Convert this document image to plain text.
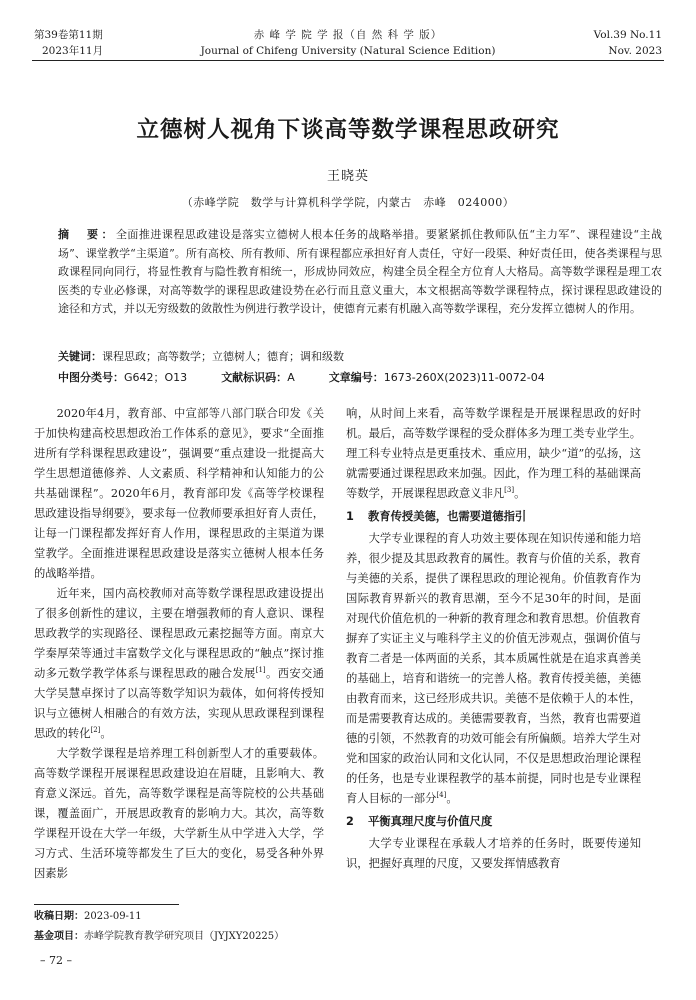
第39卷第11期
2023年11月
赤 峰 学 院 学 报（自 然 科 学 版）
Journal of Chifeng University (Natural Science Edition)
Vol.39 No.11
Nov. 2023
立德树人视角下谈高等数学课程思政研究
王晓英
（赤峰学院　数学与计算机科学学院，内蒙古　赤峰　024000）
摘　要：全面推进课程思政建设是落实立德树人根本任务的战略举措。要紧紧抓住教师队伍“主力军”、课程建设“主战场”、课堂教学“主渠道”。所有高校、所有教师、所有课程都应承担好育人责任，守好一段渠、种好责任田，使各类课程与思政课程同向同行，将显性教育与隐性教育相统一，形成协同效应，构建全员全程全方位育人大格局。高等数学课程是理工农医类的专业必修课，对高等数学的课程思政建设势在必行而且意义重大，本文根据高等数学课程特点，探讨课程思政建设的途径和方式，并以无穷级数的敛散性为例进行教学设计，使德育元素有机融入高等数学课程，充分发挥立德树人的作用。
关键词：课程思政；高等数学；立德树人；德育；调和级数
中图分类号：G642；O13	文献标识码：A	文章编号：1673-260X(2023)11-0072-04

2020年4月，教育部、中宣部等八部门联合印发《关于加快构建高校思想政治工作体系的意见》，要求“全面推进所有学科课程思政建设”，强调要“重点建设一批提高大学生思想道德修养、人文素质、科学精神和认知能力的公共基础课程”。2020年6月，教育部印发《高等学校课程思政建设指导纲要》，要求每一位教师要承担好育人责任，让每一门课程都发挥好育人作用，课程思政的主渠道为课堂教学。全面推进课程思政建设是落实立德树人根本任务的战略举措。

近年来，国内高校教师对高等数学课程思政建设提出了很多创新性的建议，主要在增强教师的育人意识、课程思政教学的实现路径、课程思政元素挖掘等方面。南京大学秦厚荣等通过丰富数学文化与课程思政的“触点”探讨推动多元数学教学体系与课程思政的融合发展[1]。西安交通大学吴慧卓探讨了以高等数学知识为载体，如何将传授知识与立德树人相融合的有效方法，实现从思政课程到课程思政的转化[2]。

大学数学课程是培养理工科创新型人才的重要载体。高等数学课程开展课程思政建设迫在眉睫，且影响大、教育意义深远。首先，高等数学课程是高等院校的公共基础课，覆盖面广，开展思政教育的影响力大。其次，高等数学课程开设在大学一年级，大学新生从中学进入大学，学习方式、生活环境等都发生了巨大的变化，易受各种外界因素影

响，从时间上来看，高等数学课程是开展课程思政的好时机。最后，高等数学课程的受众群体多为理工类专业学生。理工科专业特点是更重技术、重应用，缺少“道”的弘扬，这就需要通过课程思政来加强。因此，作为理工科的基础课高等数学，开展课程思政意义非凡[3]。

1 教育传授美德，也需要道德指引

大学专业课程的育人功效主要体现在知识传递和能力培养，很少提及其思政教育的属性。教育与价值的关系，教育与美德的关系，提供了课程思政的理论视角。价值教育作为国际教育界新兴的教育思潮，至今不足30年的时间，是面对现代价值危机的一种新的教育理念和教育思想。价值教育摒弃了实证主义与唯科学主义的价值无涉观点，强调价值与教育二者是一体两面的关系，其本质属性就是在追求真善美的基础上，培育和谐统一的完善人格。教育传授美德，美德由教育而来，这已经形成共识。美德不是依赖于人的本性，而是需要教育达成的。美德需要教育，当然，教育也需要道德的引领，不然教育的功效可能会有所偏颇。培养大学生对党和国家的政治认同和文化认同，不仅是思想政治理论课程的任务，也是专业课程教学的基本前提，同时也是专业课程育人目标的一部分[4]。

2 平衡真理尺度与价值尺度

大学专业课程在承载人才培养的任务时，既要传递知识，把握好真理的尺度，又要发挥情感教育

收稿日期：2023-09-11
基金项目：赤峰学院教育教学研究项目（JYJXY20225）
– 72 –
